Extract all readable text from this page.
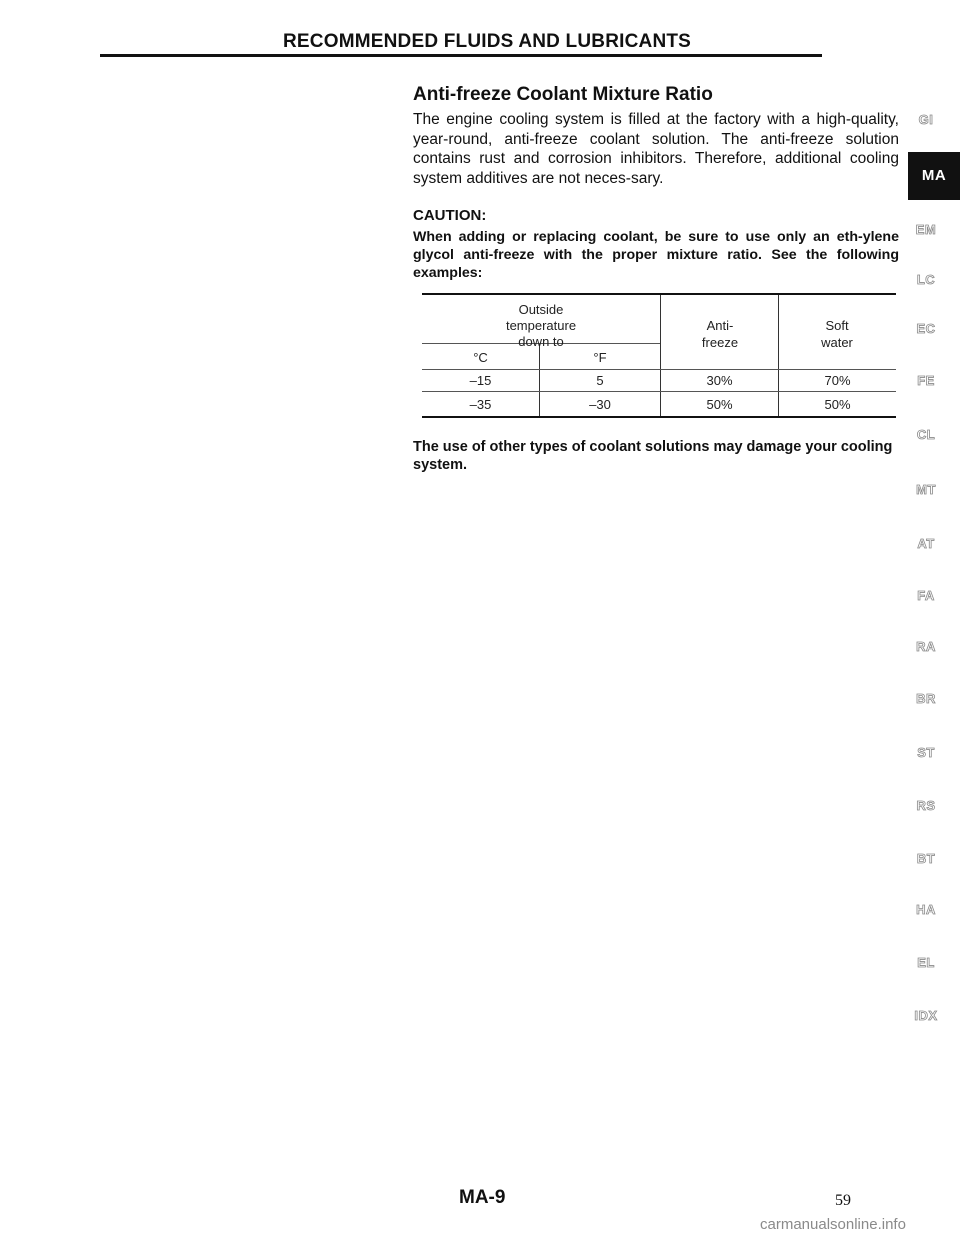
RECOMMENDED FLUIDS AND LUBRICANTS
Anti-freeze Coolant Mixture Ratio

The engine cooling system is filled at the factory with a high-quality, year-round, anti-freeze coolant solution. The anti-freeze solution contains rust and corrosion inhibitors. Therefore, additional cooling system additives are not neces-sary.

CAUTION:

When adding or replacing coolant, be sure to use only an eth-ylene glycol anti-freeze with the proper mixture ratio. See the following examples:

Outside temperature down to
°C	°F
Anti-freeze
Soft water
–15	5	30%	70%
–35	–30	50%	50%

The use of other types of coolant solutions may damage your cooling system.

MA-9	59
carmanualsonline.info
MA
GI
EM
LC
EC
FE
CL
MT
AT
FA
RA
BR
ST
RS
BT
HA
EL
IDX
